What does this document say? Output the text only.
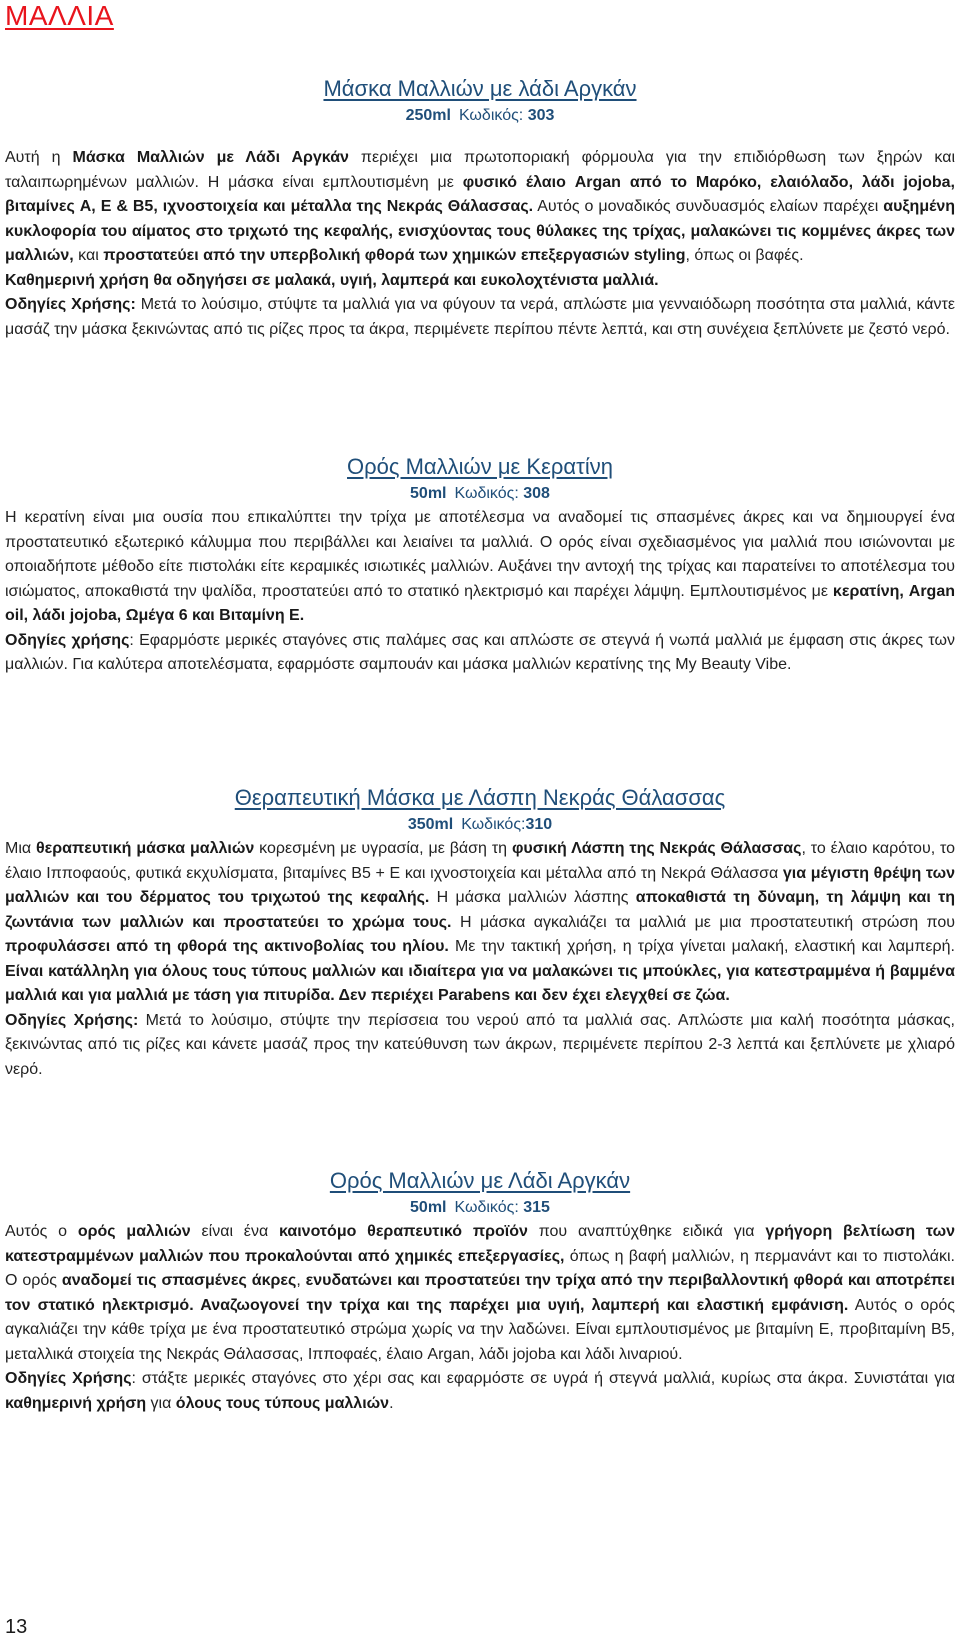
ΜΑΛΛΙΑ
Μάσκα Μαλλιών με λάδι Αργκάν

250ml Κωδικός: 303

Αυτή η Μάσκα Μαλλιών με Λάδι Αργκάν περιέχει μια πρωτοποριακή φόρμουλα για την επιδιόρθωση των ξηρών και ταλαιπωρημένων μαλλιών. Η μάσκα είναι εμπλουτισμένη με φυσικό έλαιο Argan από το Μαρόκο, ελαιόλαδο, λάδι jojoba, βιταμίνες A, E & B5, ιχνοστοιχεία και μέταλλα της Νεκράς Θάλασσας. Αυτός ο μοναδικός συνδυασμός ελαίων παρέχει αυξημένη κυκλοφορία του αίματος στο τριχωτό της κεφαλής, ενισχύοντας τους θύλακες της τρίχας, μαλακώνει τις κομμένες άκρες των μαλλιών, και προστατεύει από την υπερβολική φθορά των χημικών επεξεργασιών styling, όπως οι βαφές.

Καθημερινή χρήση θα οδηγήσει σε μαλακά, υγιή, λαμπερά και ευκολοχτένιστα μαλλιά.

Οδηγίες Χρήσης: Μετά το λούσιμο, στύψτε τα μαλλιά για να φύγουν τα νερά, απλώστε μια γενναιόδωρη ποσότητα στα μαλλιά, κάντε μασάζ την μάσκα ξεκινώντας από τις ρίζες προς τα άκρα, περιμένετε περίπου πέντε λεπτά, και στη συνέχεια ξεπλύνετε με ζεστό νερό.

Ορός Μαλλιών με Κερατίνη

50ml Κωδικός: 308

Η κερατίνη είναι μια ουσία που επικαλύπτει την τρίχα με αποτέλεσμα να αναδομεί τις σπασμένες άκρες και να δημιουργεί ένα προστατευτικό εξωτερικό κάλυμμα που περιβάλλει και λειαίνει τα μαλλιά. Ο ορός είναι σχεδιασμένος για μαλλιά που ισιώνονται με οποιαδήποτε μέθοδο είτε πιστολάκι είτε κεραμικές ισιωτικές μαλλιών. Αυξάνει την αντοχή της τρίχας και παρατείνει το αποτέλεσμα του ισιώματος, αποκαθιστά την ψαλίδα, προστατεύει από το στατικό ηλεκτρισμό και παρέχει λάμψη. Εμπλουτισμένος με κερατίνη, Argan oil, λάδι jojoba, Ωμέγα 6 και Βιταμίνη Ε.

Οδηγίες χρήσης: Εφαρμόστε μερικές σταγόνες στις παλάμες σας και απλώστε σε στεγνά ή νωπά μαλλιά με έμφαση στις άκρες των μαλλιών. Για καλύτερα αποτελέσματα, εφαρμόστε σαμπουάν και μάσκα μαλλιών κερατίνης της My Beauty Vibe.

Θεραπευτική Μάσκα με Λάσπη Νεκράς Θάλασσας

350ml Κωδικός:310

Μια θεραπευτική μάσκα μαλλιών κορεσμένη με υγρασία, με βάση τη φυσική Λάσπη της Νεκράς Θάλασσας, το έλαιο καρότου, το έλαιο Ιπποφαούς, φυτικά εκχυλίσματα, βιταμίνες Β5 + Ε και ιχνοστοιχεία και μέταλλα από τη Νεκρά Θάλασσα για μέγιστη θρέψη των μαλλιών και του δέρματος του τριχωτού της κεφαλής. Η μάσκα μαλλιών λάσπης αποκαθιστά τη δύναμη, τη λάμψη και τη ζωντάνια των μαλλιών και προστατεύει το χρώμα τους. Η μάσκα αγκαλιάζει τα μαλλιά με μια προστατευτική στρώση που προφυλάσσει από τη φθορά της ακτινοβολίας του ηλίου. Με την τακτική χρήση, η τρίχα γίνεται μαλακή, ελαστική και λαμπερή. Είναι κατάλληλη για όλους τους τύπους μαλλιών και ιδιαίτερα για να μαλακώνει τις μπούκλες, για κατεστραμμένα ή βαμμένα μαλλιά και για μαλλιά με τάση για πιτυρίδα. Δεν περιέχει Parabens και δεν έχει ελεγχθεί σε ζώα.

Οδηγίες Χρήσης: Μετά το λούσιμο, στύψτε την περίσσεια του νερού από τα μαλλιά σας. Απλώστε μια καλή ποσότητα μάσκας, ξεκινώντας από τις ρίζες και κάνετε μασάζ προς την κατεύθυνση των άκρων, περιμένετε περίπου 2-3 λεπτά και ξεπλύνετε με χλιαρό νερό.

Ορός Μαλλιών με Λάδι Αργκάν

50ml Κωδικός: 315

Αυτός ο ορός μαλλιών είναι ένα καινοτόμο θεραπευτικό προϊόν που αναπτύχθηκε ειδικά για γρήγορη βελτίωση των κατεστραμμένων μαλλιών που προκαλούνται από χημικές επεξεργασίες, όπως η βαφή μαλλιών, η περμανάντ και το πιστολάκι. Ο ορός αναδομεί τις σπασμένες άκρες, ενυδατώνει και προστατεύει την τρίχα από την περιβαλλοντική φθορά και αποτρέπει τον στατικό ηλεκτρισμό. Αναζωογονεί την τρίχα και της παρέχει μια υγιή, λαμπερή και ελαστική εμφάνιση. Αυτός ο ορός αγκαλιάζει την κάθε τρίχα με ένα προστατευτικό στρώμα χωρίς να την λαδώνει. Είναι εμπλουτισμένος με βιταμίνη Ε, προβιταμίνη Β5, μεταλλικά στοιχεία της Νεκράς Θάλασσας, Ιπποφαές, έλαιο Argan, λάδι jojoba και λάδι λιναριού.

Οδηγίες Χρήσης: στάξτε μερικές σταγόνες στο χέρι σας και εφαρμόστε σε υγρά ή στεγνά μαλλιά, κυρίως στα άκρα. Συνιστάται για καθημερινή χρήση για όλους τους τύπους μαλλιών.

13
